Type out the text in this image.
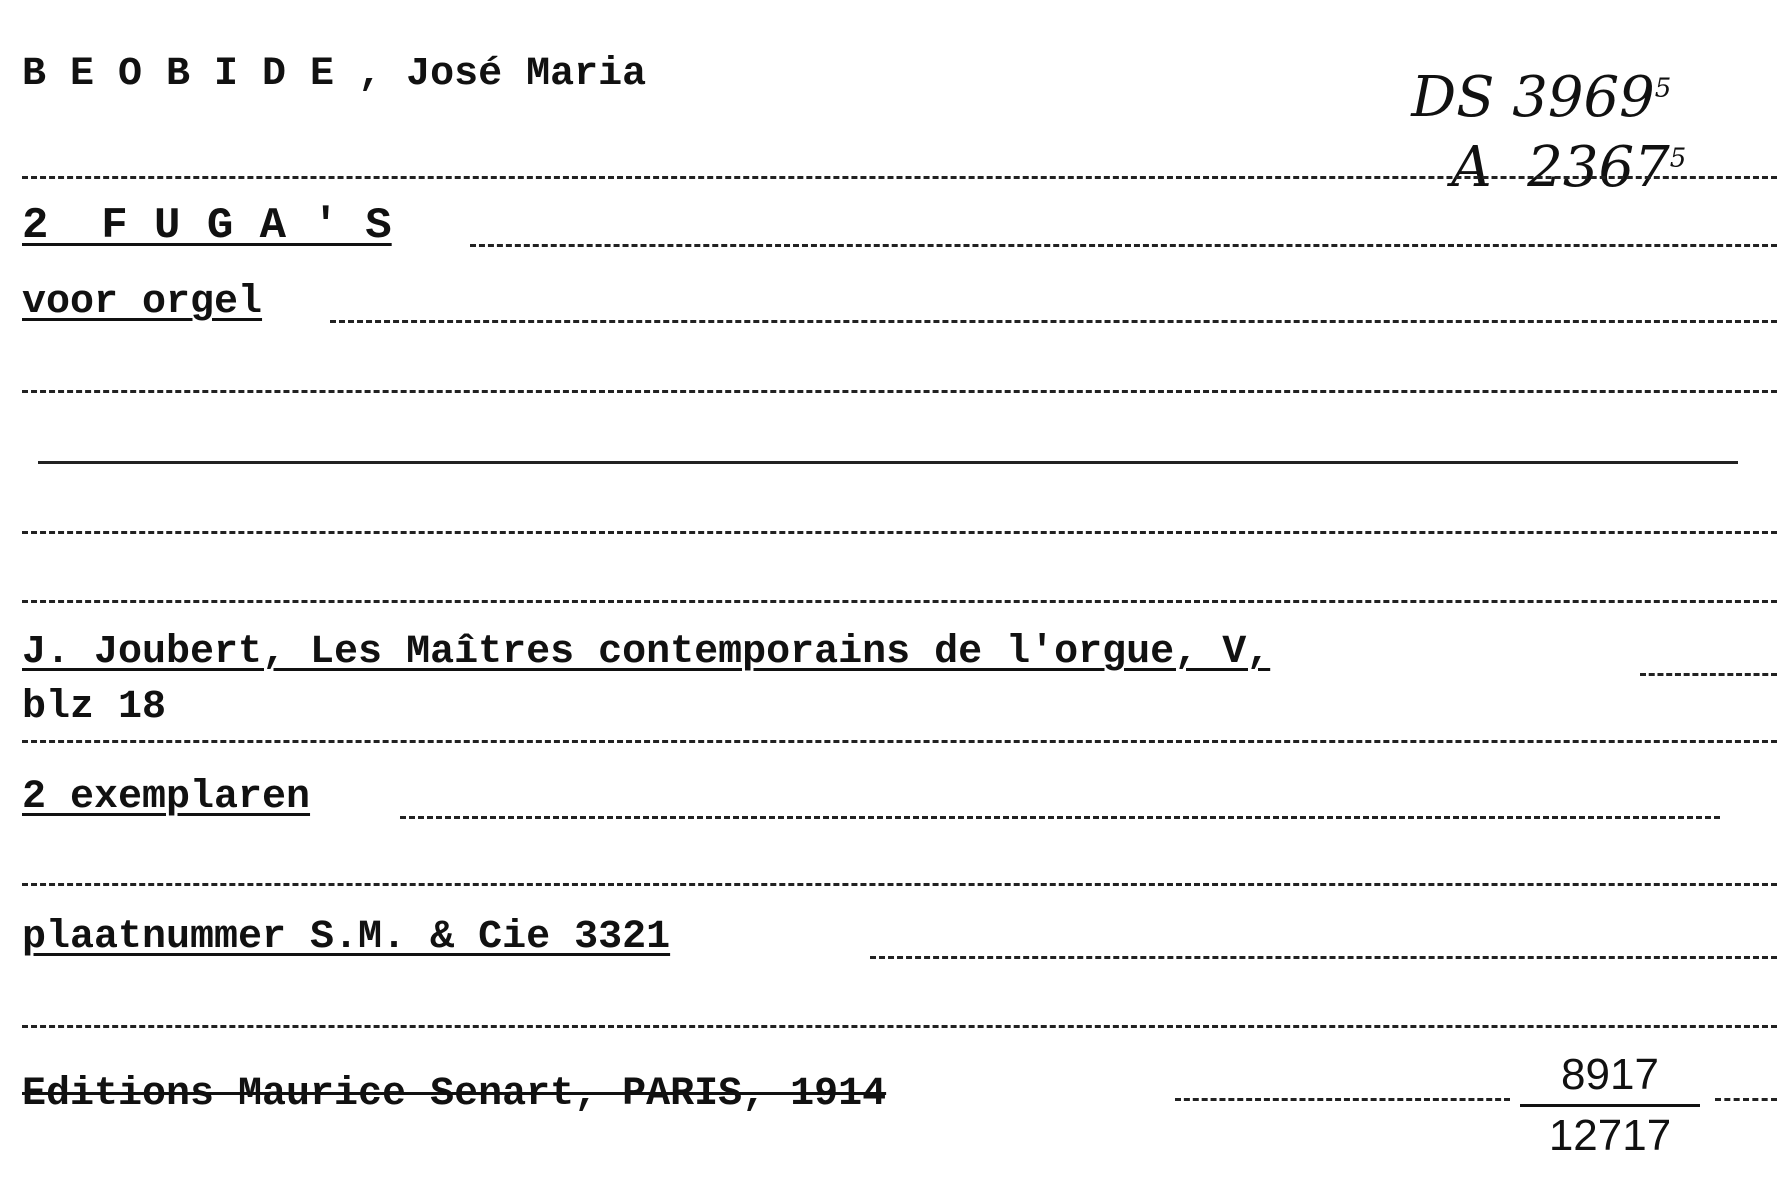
B E O B I D E , José Maria	DS 3969$^5$

A  2367$^5$

2  F U G A ' S
voor orgel
J. Joubert, Les Maîtres contemporains de l'orgue, V,
blz 18
2 exemplaren
plaatnummer S.M. & Cie 3321
Editions Maurice Senart, PARIS, 1914	8917
12717
